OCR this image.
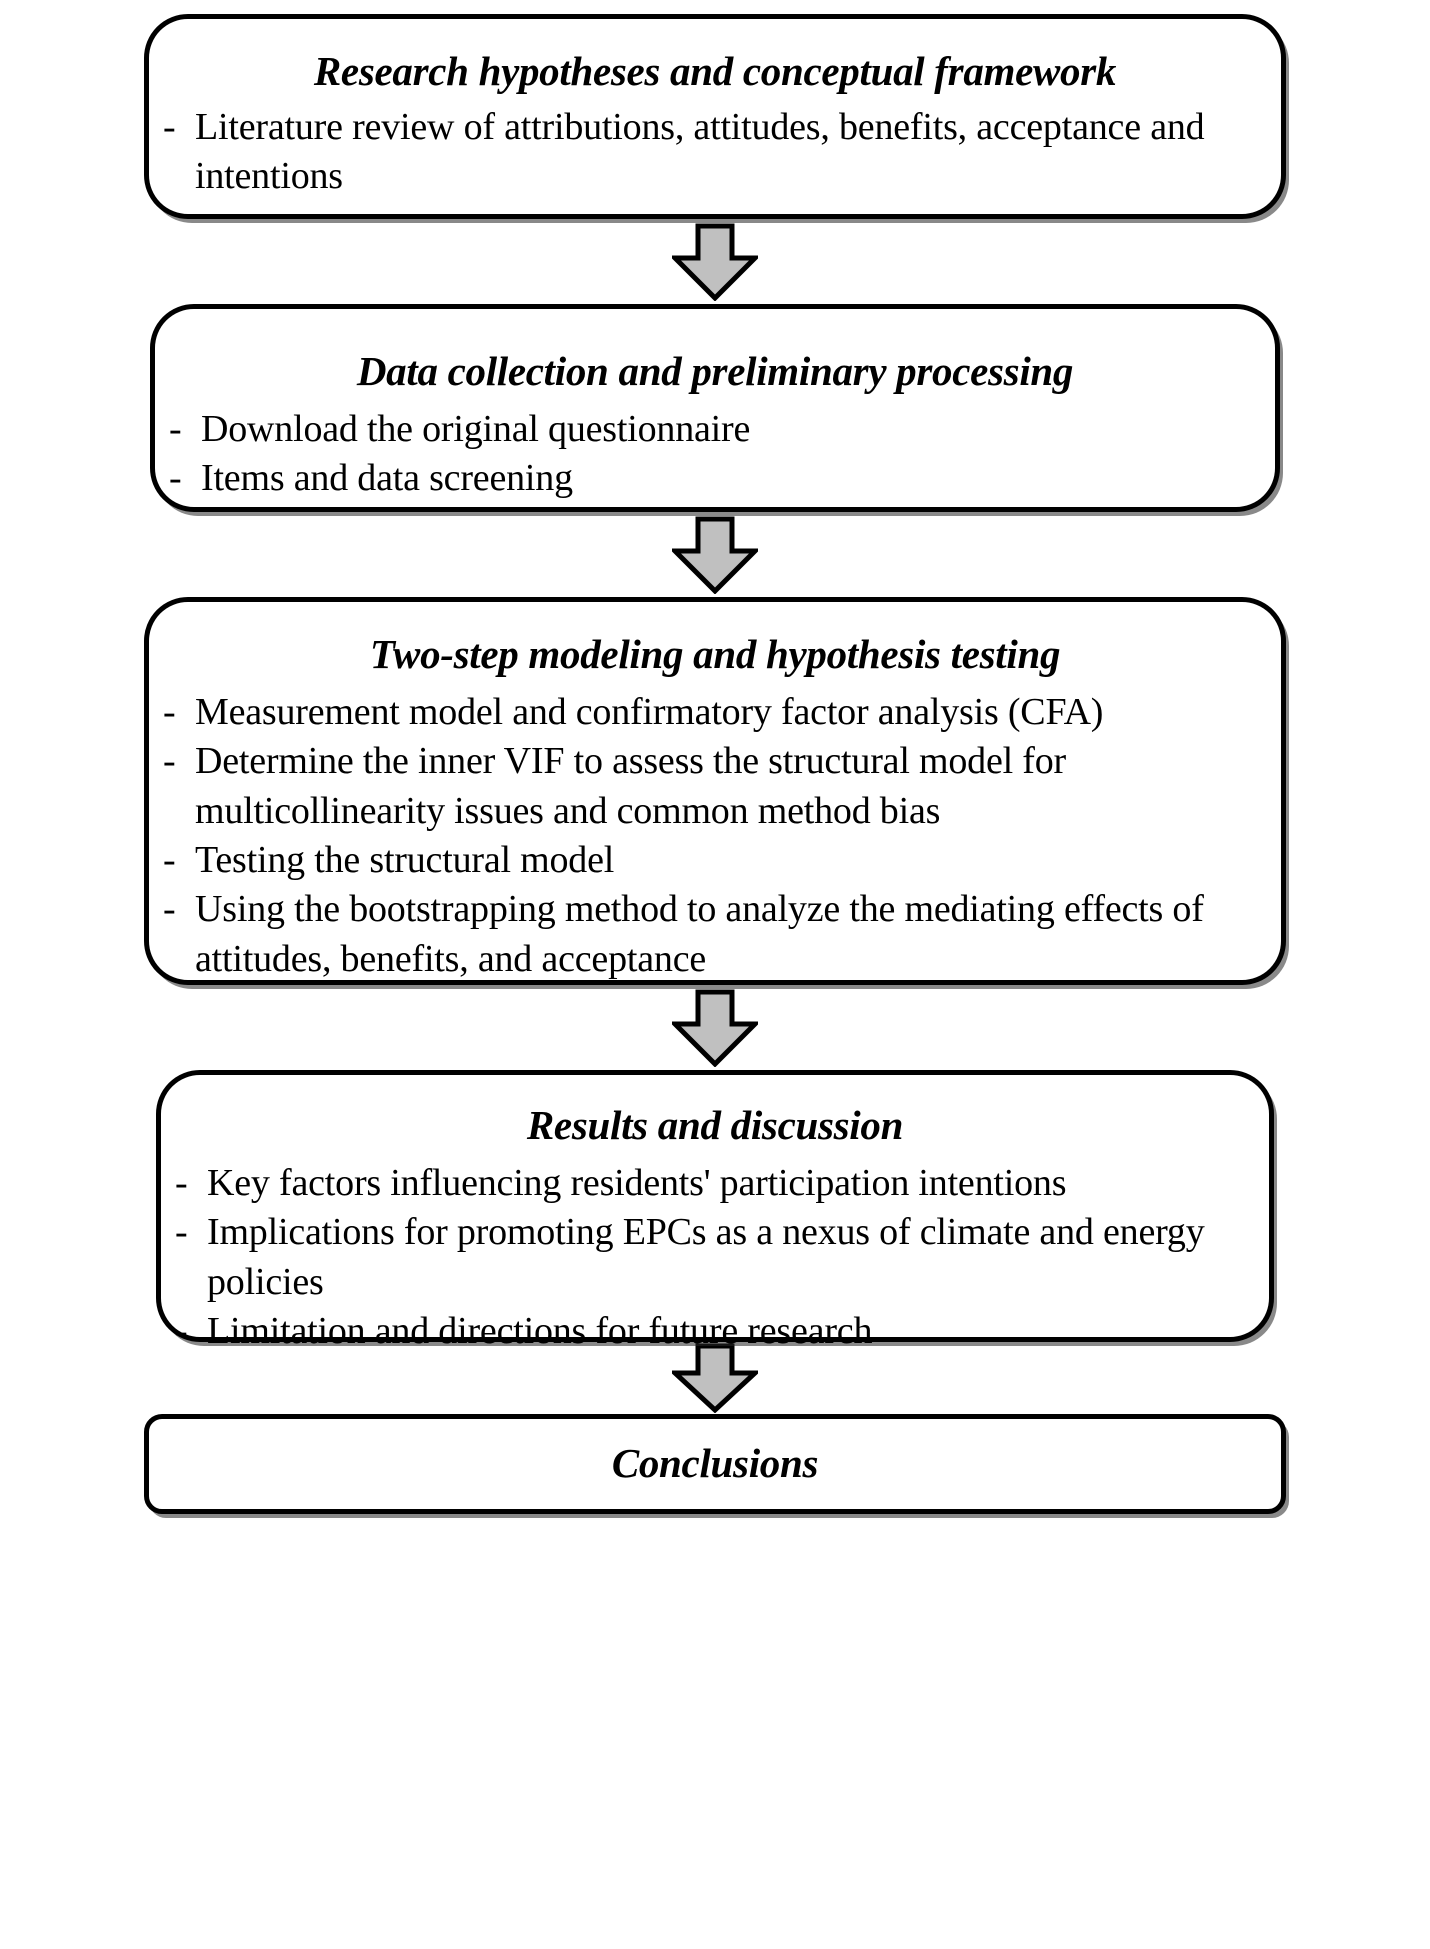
Research hypotheses and conceptual framework
- Literature review of attributions, attitudes, benefits, acceptance and intentions
Data collection and preliminary processing
- Download the original questionnaire
- Items and data screening
Two-step modeling and hypothesis testing
- Measurement model and confirmatory factor analysis (CFA)
- Determine the inner VIF to assess the structural model for multicollinearity issues and common method bias
- Testing the structural model
- Using the bootstrapping method to analyze the mediating effects of attitudes, benefits, and acceptance
Results and discussion
- Key factors influencing residents' participation intentions
- Implications for promoting EPCs as a nexus of climate and energy policies
- Limitation and directions for future research
Conclusions
